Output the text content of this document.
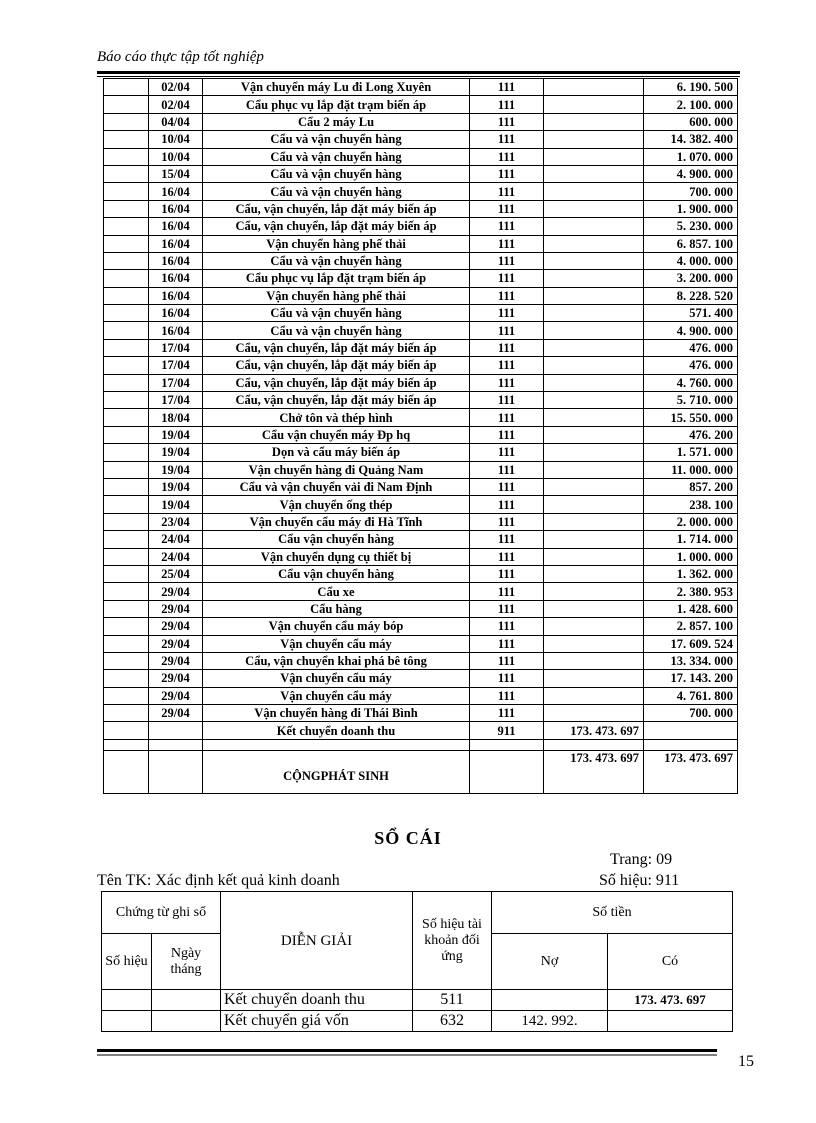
Báo cáo thực tập tốt nghiệp
	02/04	Vận chuyển máy Lu đi Long Xuyên	111		6. 190. 500
	02/04	Cẩu phục vụ lắp đặt trạm biến áp	111		2. 100. 000
	04/04	Cẩu 2 máy Lu	111		600. 000
	10/04	Cẩu và vận chuyển hàng	111		14. 382. 400
	10/04	Cẩu và vận chuyển hàng	111		1. 070. 000
	15/04	Cẩu và vận chuyển hàng	111		4. 900. 000
	16/04	Cẩu và vận chuyển hàng	111		700. 000
	16/04	Cẩu, vận chuyển, lắp đặt máy biến áp	111		1. 900. 000
	16/04	Cẩu, vận chuyển, lắp đặt máy biến áp	111		5. 230. 000
	16/04	Vận chuyển hàng phế thải	111		6. 857. 100
	16/04	Cẩu và vận chuyển hàng	111		4. 000. 000
	16/04	Cẩu phục vụ lắp đặt trạm biến áp	111		3. 200. 000
	16/04	Vận chuyển hàng phế thải	111		8. 228. 520
	16/04	Cẩu và vận chuyển hàng	111		571. 400
	16/04	Cẩu và vận chuyển hàng	111		4. 900. 000
	17/04	Cẩu, vận chuyển, lắp đặt máy biến áp	111		476. 000
	17/04	Cẩu, vận chuyển, lắp đặt máy biến áp	111		476. 000
	17/04	Cẩu, vận chuyển, lắp đặt máy biến áp	111		4. 760. 000
	17/04	Cẩu, vận chuyển, lắp đặt máy biến áp	111		5. 710. 000
	18/04	Chở tôn và thép hình	111		15. 550. 000
	19/04	Cẩu vận chuyển máy Đp hq	111		476. 200
	19/04	Dọn và cẩu máy biến áp	111		1. 571. 000
	19/04	Vận chuyển hàng đi Quảng Nam	111		11. 000. 000
	19/04	Cẩu và vận chuyển vải đi Nam Định	111		857. 200
	19/04	Vận chuyển ống thép	111		238. 100
	23/04	Vận chuyển cẩu máy đi Hà Tĩnh	111		2. 000. 000
	24/04	Cẩu vận chuyển hàng	111		1. 714. 000
	24/04	Vận chuyển dụng cụ thiết bị	111		1. 000. 000
	25/04	Cẩu vận chuyển hàng	111		1. 362. 000
	29/04	Cẩu xe	111		2. 380. 953
	29/04	Cẩu hàng	111		1. 428. 600
	29/04	Vận chuyển cẩu máy bóp	111		2. 857. 100
	29/04	Vận chuyển cẩu máy	111		17. 609. 524
	29/04	Cẩu, vận chuyển khai phá bê tông	111		13. 334. 000
	29/04	Vận chuyển cẩu máy	111		17. 143. 200
	29/04	Vận chuyển cẩu máy	111		4. 761. 800
	29/04	Vận chuyển hàng đi Thái Bình	111		700. 000
		Kết chuyển doanh thu	911	173. 473. 697	

		CỘNGPHÁT SINH		173. 473. 697	173. 473. 697
SỔ CÁI
Trang: 09
Tên TK: Xác định kết quả kinh doanh	Số hiệu: 911
Chứng từ ghi sổ		DIỄN GIẢI	Số hiệu tài khoản đối ứng	Số tiền	
Số hiệu	Ngày tháng			Nợ	Có
		Kết chuyển doanh thu	511		173. 473. 697
		Kết chuyển giá vốn	632	142. 992.	
15
